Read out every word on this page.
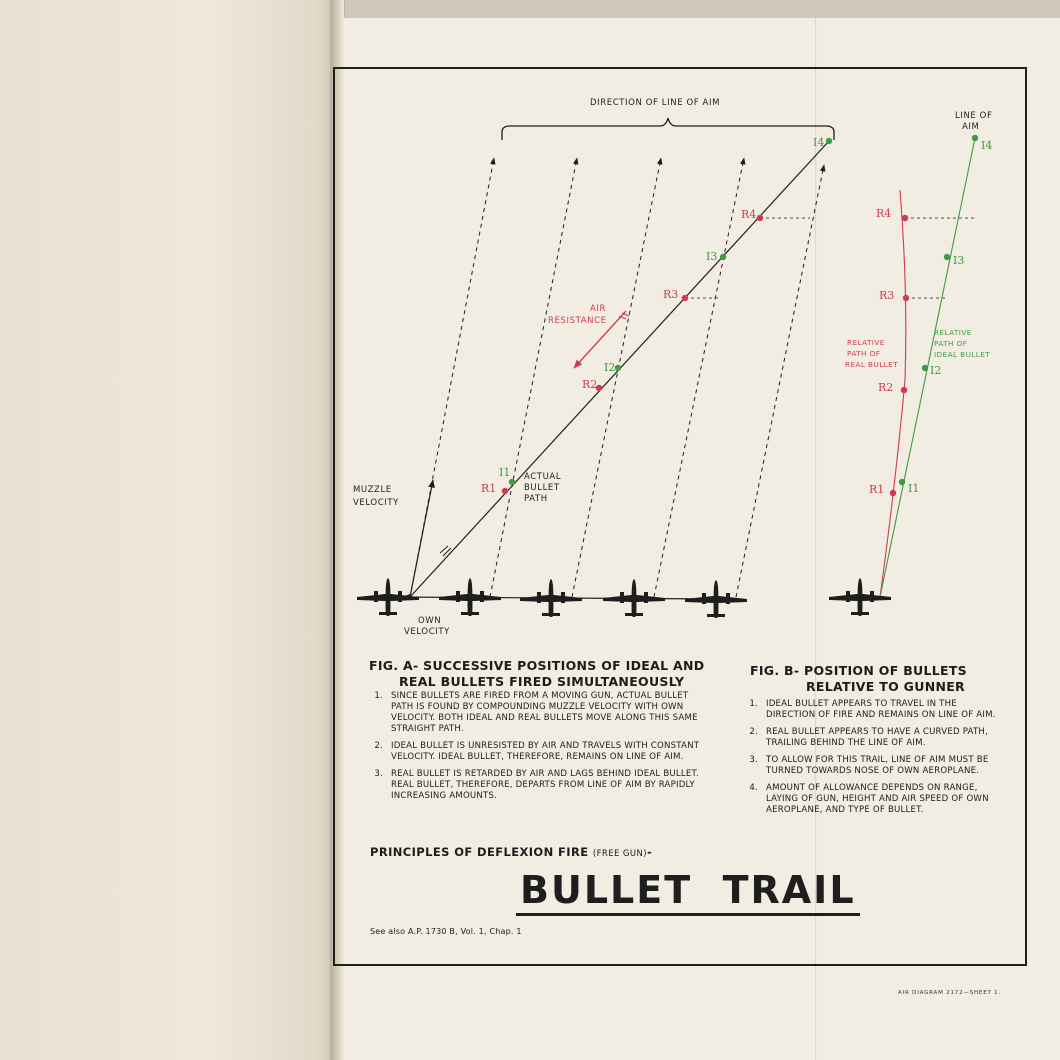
DIRECTION OF LINE OF AIM
LINE OF
AIM
MUZZLE
VELOCITY
OWN
VELOCITY
ACTUAL
BULLET
PATH
AIR
RESISTANCE
RELATIVE
PATH OF
REAL BULLET
RELATIVE
PATH OF
IDEAL BULLET
I1
R1
I2
R2
I3
R3
I4
R4
I4
I3
I2
I1
R4
R3
R2
R1
FIG. A- SUCCESSIVE POSITIONS OF IDEAL AND
REAL BULLETS FIRED SIMULTANEOUSLY
1. SINCE BULLETS ARE FIRED FROM A MOVING GUN, ACTUAL BULLET PATH IS FOUND BY COMPOUNDING MUZZLE VELOCITY WITH OWN VELOCITY. BOTH IDEAL AND REAL BULLETS MOVE ALONG THIS SAME STRAIGHT PATH.
2. IDEAL BULLET IS UNRESISTED BY AIR AND TRAVELS WITH CONSTANT VELOCITY. IDEAL BULLET, THEREFORE, REMAINS ON LINE OF AIM.
3. REAL BULLET IS RETARDED BY AIR AND LAGS BEHIND IDEAL BULLET. REAL BULLET, THEREFORE, DEPARTS FROM LINE OF AIM BY RAPIDLY INCREASING AMOUNTS.
FIG. B- POSITION OF BULLETS
RELATIVE TO GUNNER
1. IDEAL BULLET APPEARS TO TRAVEL IN THE DIRECTION OF FIRE AND REMAINS ON LINE OF AIM.
2. REAL BULLET APPEARS TO HAVE A CURVED PATH, TRAILING BEHIND THE LINE OF AIM.
3. TO ALLOW FOR THIS TRAIL, LINE OF AIM MUST BE TURNED TOWARDS NOSE OF OWN AEROPLANE.
4. AMOUNT OF ALLOWANCE DEPENDS ON RANGE, LAYING OF GUN, HEIGHT AND AIR SPEED OF OWN AEROPLANE, AND TYPE OF BULLET.
PRINCIPLES OF DEFLEXION FIRE (FREE GUN)-
BULLET  TRAIL
See also A.P. 1730 B, Vol. 1, Chap. 1
AIR DIAGRAM 2172—SHEET 1.
